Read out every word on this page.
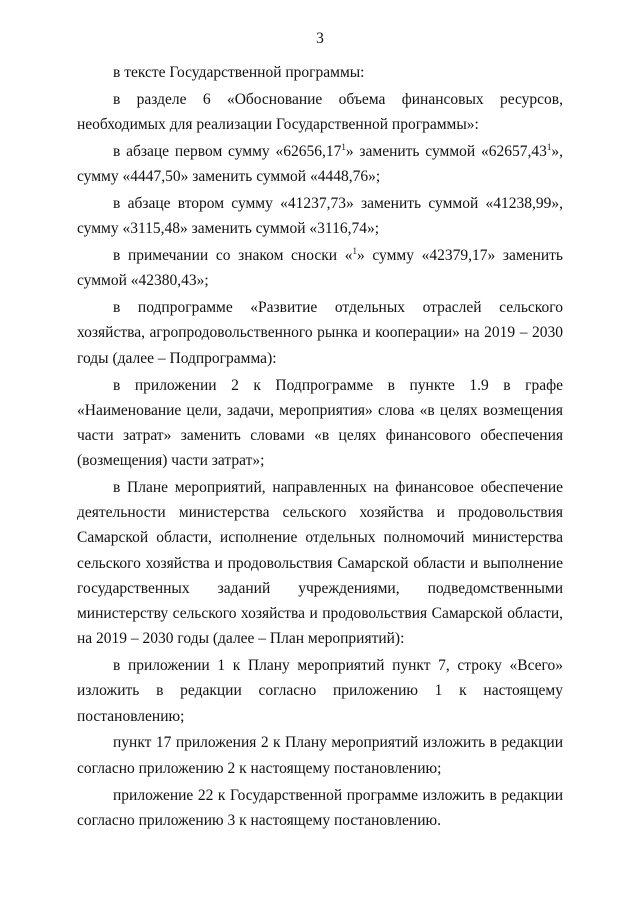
3

в тексте Государственной программы:

в разделе 6 «Обоснование объема финансовых ресурсов, необходимых для реализации Государственной программы»:

в абзаце первом сумму «62656,17$^1$» заменить суммой «62657,43$^1$», сумму «4447,50» заменить суммой «4448,76»;

в абзаце втором сумму «41237,73» заменить суммой «41238,99», сумму «3115,48» заменить суммой «3116,74»;

в примечании со знаком сноски «$^1$» сумму «42379,17» заменить суммой «42380,43»;

в подпрограмме «Развитие отдельных отраслей сельского хозяйства, агропродовольственного рынка и кооперации» на 2019 – 2030 годы (далее – Подпрограмма):

в приложении 2 к Подпрограмме в пункте 1.9 в графе «Наименование цели, задачи, мероприятия» слова «в целях возмещения части затрат» заменить словами «в целях финансового обеспечения (возмещения) части затрат»;

в Плане мероприятий, направленных на финансовое обеспечение деятельности министерства сельского хозяйства и продовольствия Самарской области, исполнение отдельных полномочий министерства сельского хозяйства и продовольствия Самарской области и выполнение государственных заданий учреждениями, подведомственными министерству сельского хозяйства и продовольствия Самарской области, на 2019 – 2030 годы (далее – План мероприятий):

в приложении 1 к Плану мероприятий пункт 7, строку «Всего» изложить в редакции согласно приложению 1 к настоящему постановлению;

пункт 17 приложения 2 к Плану мероприятий изложить в редакции согласно приложению 2 к настоящему постановлению;

приложение 22 к Государственной программе изложить в редакции согласно приложению 3 к настоящему постановлению.
